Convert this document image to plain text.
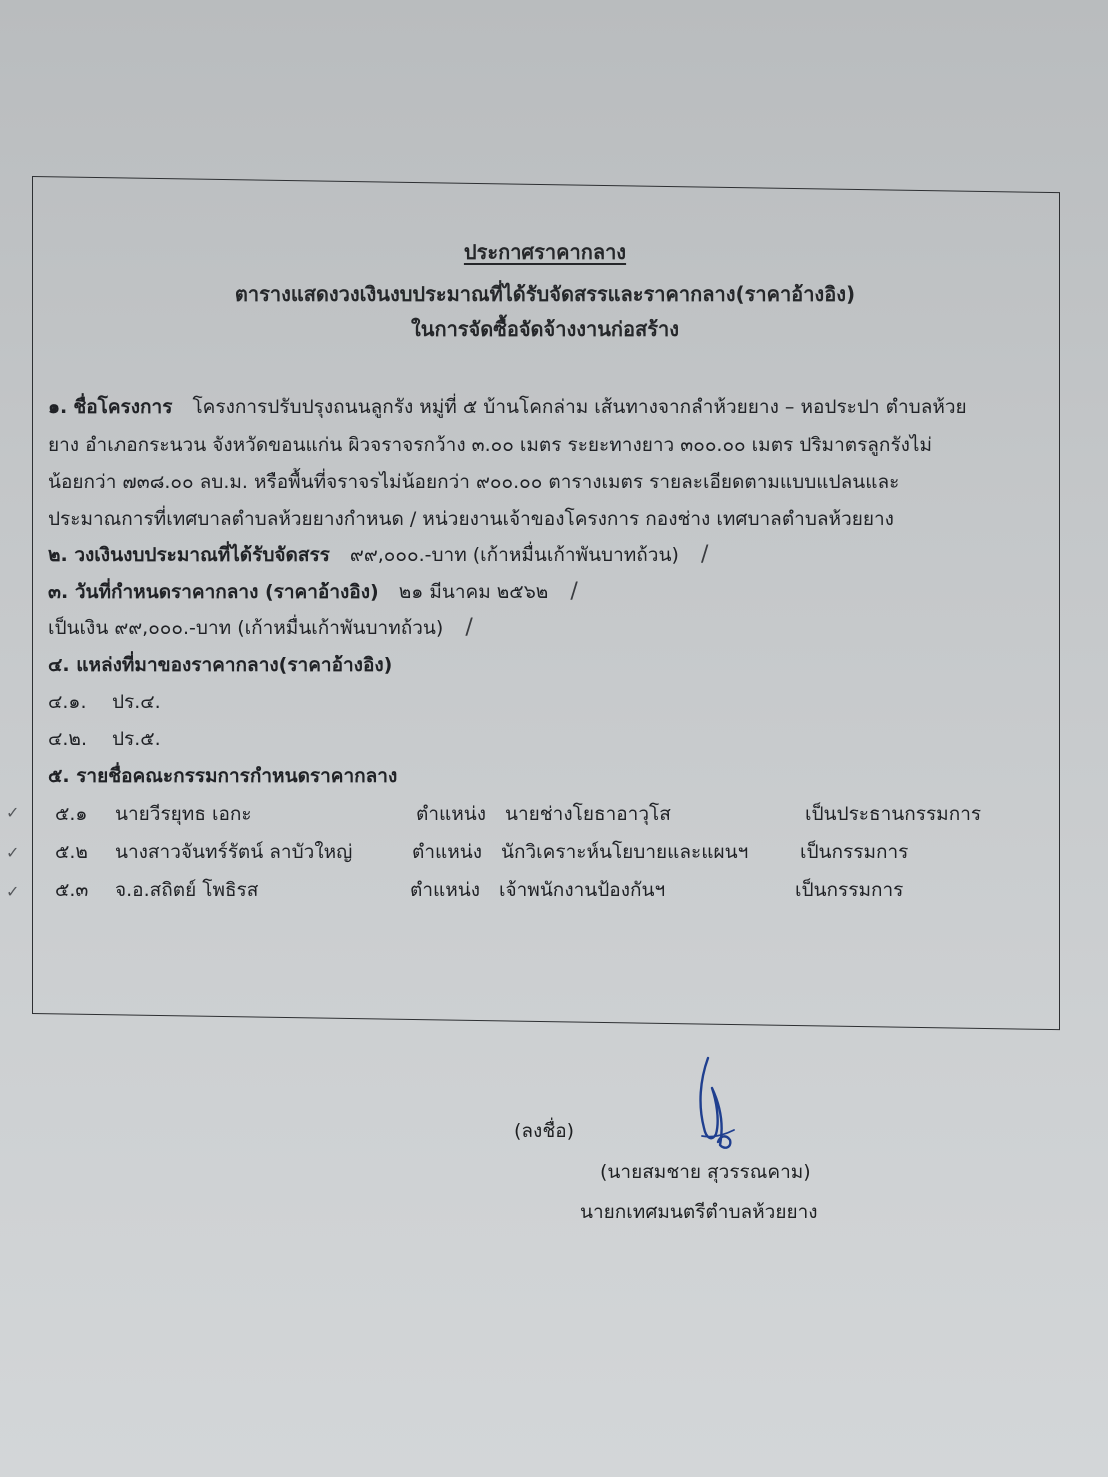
ประกาศราคากลาง
ตารางแสดงวงเงินงบประมาณที่ได้รับจัดสรรและราคากลาง(ราคาอ้างอิง)
ในการจัดซื้อจัดจ้างงานก่อสร้าง
๑. ชื่อโครงการ โครงการปรับปรุงถนนลูกรัง หมู่ที่ ๕ บ้านโคกล่าม เส้นทางจากลำห้วยยาง – หอประปา ตำบลห้วย
ยาง อำเภอกระนวน จังหวัดขอนแก่น ผิวจราจรกว้าง ๓.๐๐ เมตร ระยะทางยาว ๓๐๐.๐๐ เมตร ปริมาตรลูกรังไม่
น้อยกว่า ๗๓๘.๐๐ ลบ.ม. หรือพื้นที่จราจรไม่น้อยกว่า ๙๐๐.๐๐ ตารางเมตร รายละเอียดตามแบบแปลนและ
ประมาณการที่เทศบาลตำบลห้วยยางกำหนด / หน่วยงานเจ้าของโครงการ กองช่าง เทศบาลตำบลห้วยยาง
๒. วงเงินงบประมาณที่ได้รับจัดสรร ๙๙,๐๐๐.-บาท (เก้าหมื่นเก้าพันบาทถ้วน) /
๓. วันที่กำหนดราคากลาง (ราคาอ้างอิง) ๒๑ มีนาคม ๒๕๖๒ /
เป็นเงิน ๙๙,๐๐๐.-บาท (เก้าหมื่นเก้าพันบาทถ้วน) /
๔. แหล่งที่มาของราคากลาง(ราคาอ้างอิง)
๔.๑. ปร.๔.
๔.๒. ปร.๕.
๕. รายชื่อคณะกรรมการกำหนดราคากลาง
✓ ๕.๑ นายวีรยุทธ เอกะ	ตำแหน่ง นายช่างโยธาอาวุโส	เป็นประธานกรรมการ
✓ ๕.๒ นางสาวจันทร์รัตน์ ลาบัวใหญ่	ตำแหน่ง นักวิเคราะห์นโยบายและแผนฯ	เป็นกรรมการ
✓ ๕.๓ จ.อ.สถิตย์ โพธิรส	ตำแหน่ง เจ้าพนักงานป้องกันฯ	เป็นกรรมการ
(ลงชื่อ)
(นายสมชาย สุวรรณคาม)
นายกเทศมนตรีตำบลห้วยยาง
